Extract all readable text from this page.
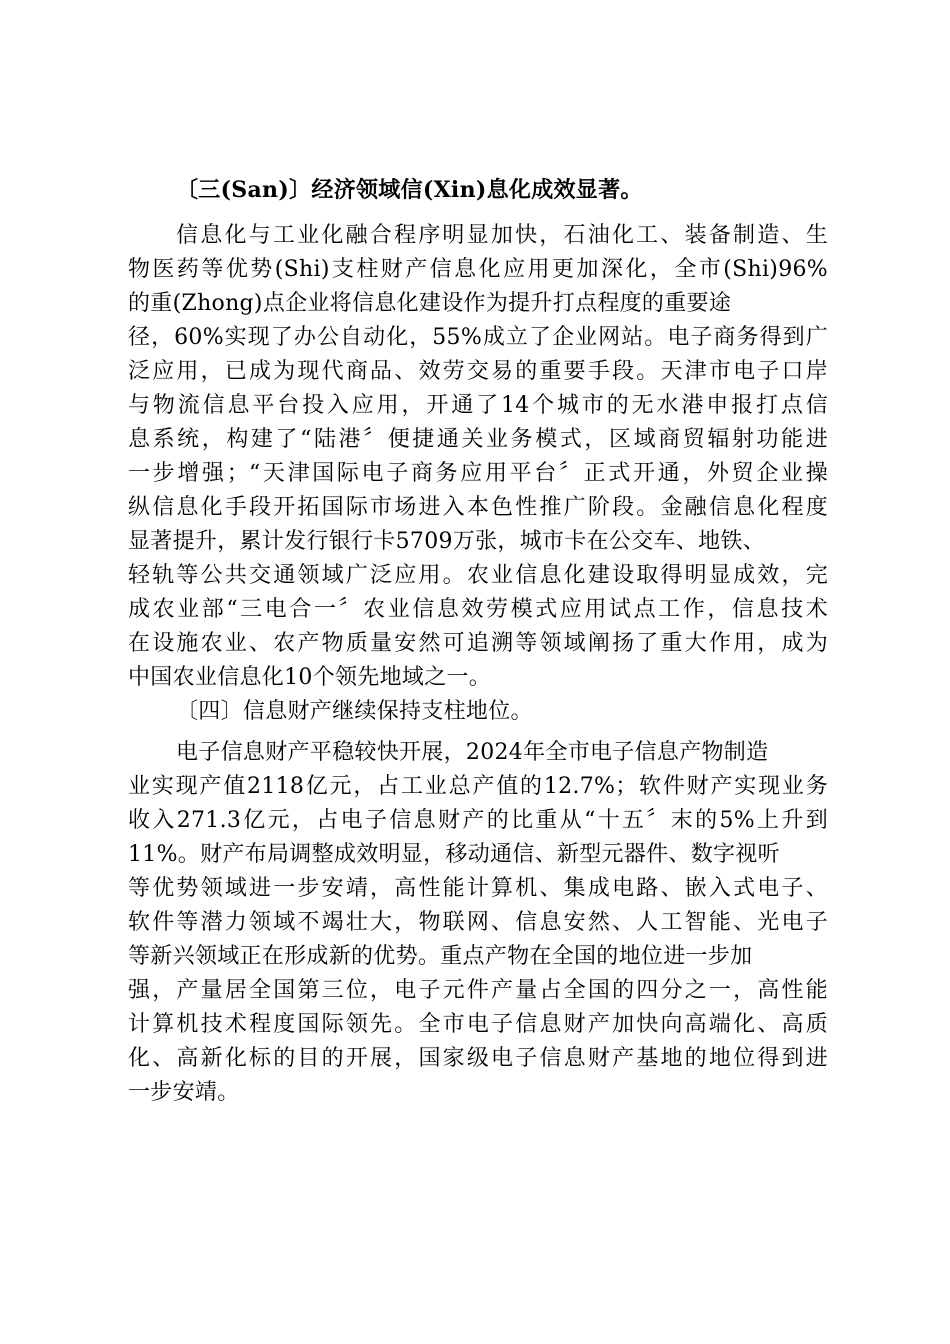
〔三(San)〕经济领域信(Xin)息化成效显著。
信息化与工业化融合程序明显加快，石油化工、装备制造、生
物医药等优势(Shi)支柱财产信息化应用更加深化，全市(Shi)96%
的重(Zhong)点企业将信息化建设作为提升打点程度的重要途
径，60%实现了办公自动化，55%成立了企业网站。电子商务得到广
泛应用，已成为现代商品、效劳交易的重要手段。天津市电子口岸
与物流信息平台投入应用，开通了14个城市的无水港申报打点信
息系统，构建了“陆港〞便捷通关业务模式，区域商贸辐射功能进
一步增强；“天津国际电子商务应用平台〞正式开通，外贸企业操
纵信息化手段开拓国际市场进入本色性推广阶段。金融信息化程度
显著提升，累计发行银行卡5709万张，城市卡在公交车、地铁、
轻轨等公共交通领域广泛应用。农业信息化建设取得明显成效，完
成农业部“三电合一〞农业信息效劳模式应用试点工作，信息技术
在设施农业、农产物质量安然可追溯等领域阐扬了重大作用，成为
中国农业信息化10个领先地域之一。
〔四〕信息财产继续保持支柱地位。
电子信息财产平稳较快开展，2024年全市电子信息产物制造
业实现产值2118亿元，占工业总产值的12.7%；软件财产实现业务
收入271.3亿元，占电子信息财产的比重从“十五〞末的5%上升到
11%。财产布局调整成效明显，移动通信、新型元器件、数字视听
等优势领域进一步安靖，高性能计算机、集成电路、嵌入式电子、
软件等潜力领域不竭壮大，物联网、信息安然、人工智能、光电子
等新兴领域正在形成新的优势。重点产物在全国的地位进一步加
强，产量居全国第三位，电子元件产量占全国的四分之一，高性能
计算机技术程度国际领先。全市电子信息财产加快向高端化、高质
化、高新化标的目的开展，国家级电子信息财产基地的地位得到进
一步安靖。
